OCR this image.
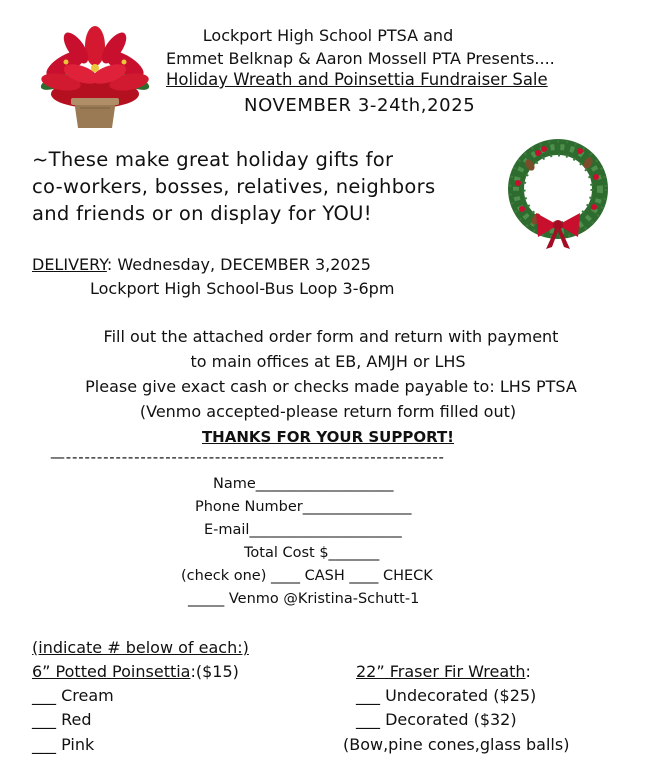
Lockport High School PTSA and
Emmet Belknap & Aaron Mossell PTA Presents....
Holiday Wreath and Poinsettia Fundraiser Sale
NOVEMBER 3-24th,2025
~These make great holiday gifts for
co-workers, bosses, relatives, neighbors
and friends or on display for YOU!
DELIVERY: Wednesday, DECEMBER 3,2025
Lockport High School-Bus Loop 3-6pm
Fill out the attached order form and return with payment
to main offices at EB, AMJH or LHS
Please give exact cash or checks made payable to: LHS PTSA
(Venmo accepted-please return form filled out)
THANKS FOR YOUR SUPPORT!
—-------------------------------------------------------------
Name___________________
Phone Number_______________
E-mail_____________________
Total Cost $_______
(check one) ____ CASH ____ CHECK
_____ Venmo @Kristina-Schutt-1
(indicate # below of each:)
6” Potted Poinsettia:($15)
___ Cream
___ Red
___ Pink
22” Fraser Fir Wreath:
___ Undecorated ($25)
___ Decorated ($32)
(Bow,pine cones,glass balls)
